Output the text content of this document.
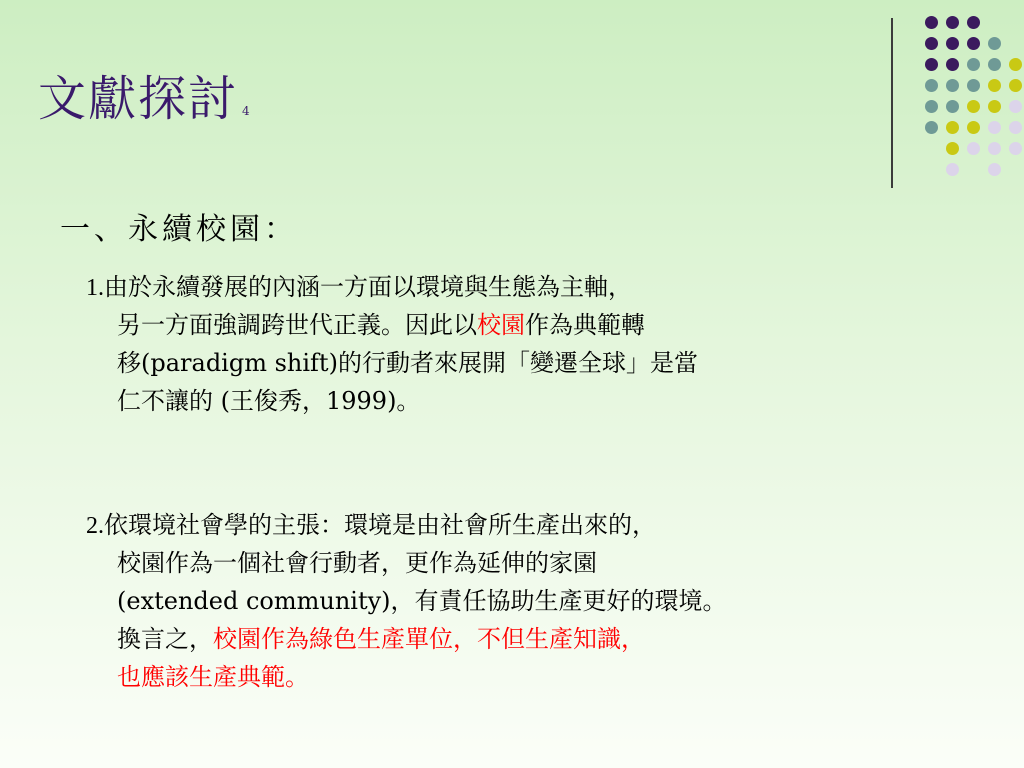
文獻探討 4
一、永續校園：
1.由於永續發展的內涵一方面以環境與生態為主軸，
另一方面強調跨世代正義。因此以校園作為典範轉
移(paradigm shift)的行動者來展開「變遷全球」是當
仁不讓的 (王俊秀，1999)。
2.依環境社會學的主張：環境是由社會所生產出來的，
校園作為一個社會行動者，更作為延伸的家園
(extended community)，有責任協助生產更好的環境。
換言之，校園作為綠色生產單位，不但生產知識，
也應該生產典範。
